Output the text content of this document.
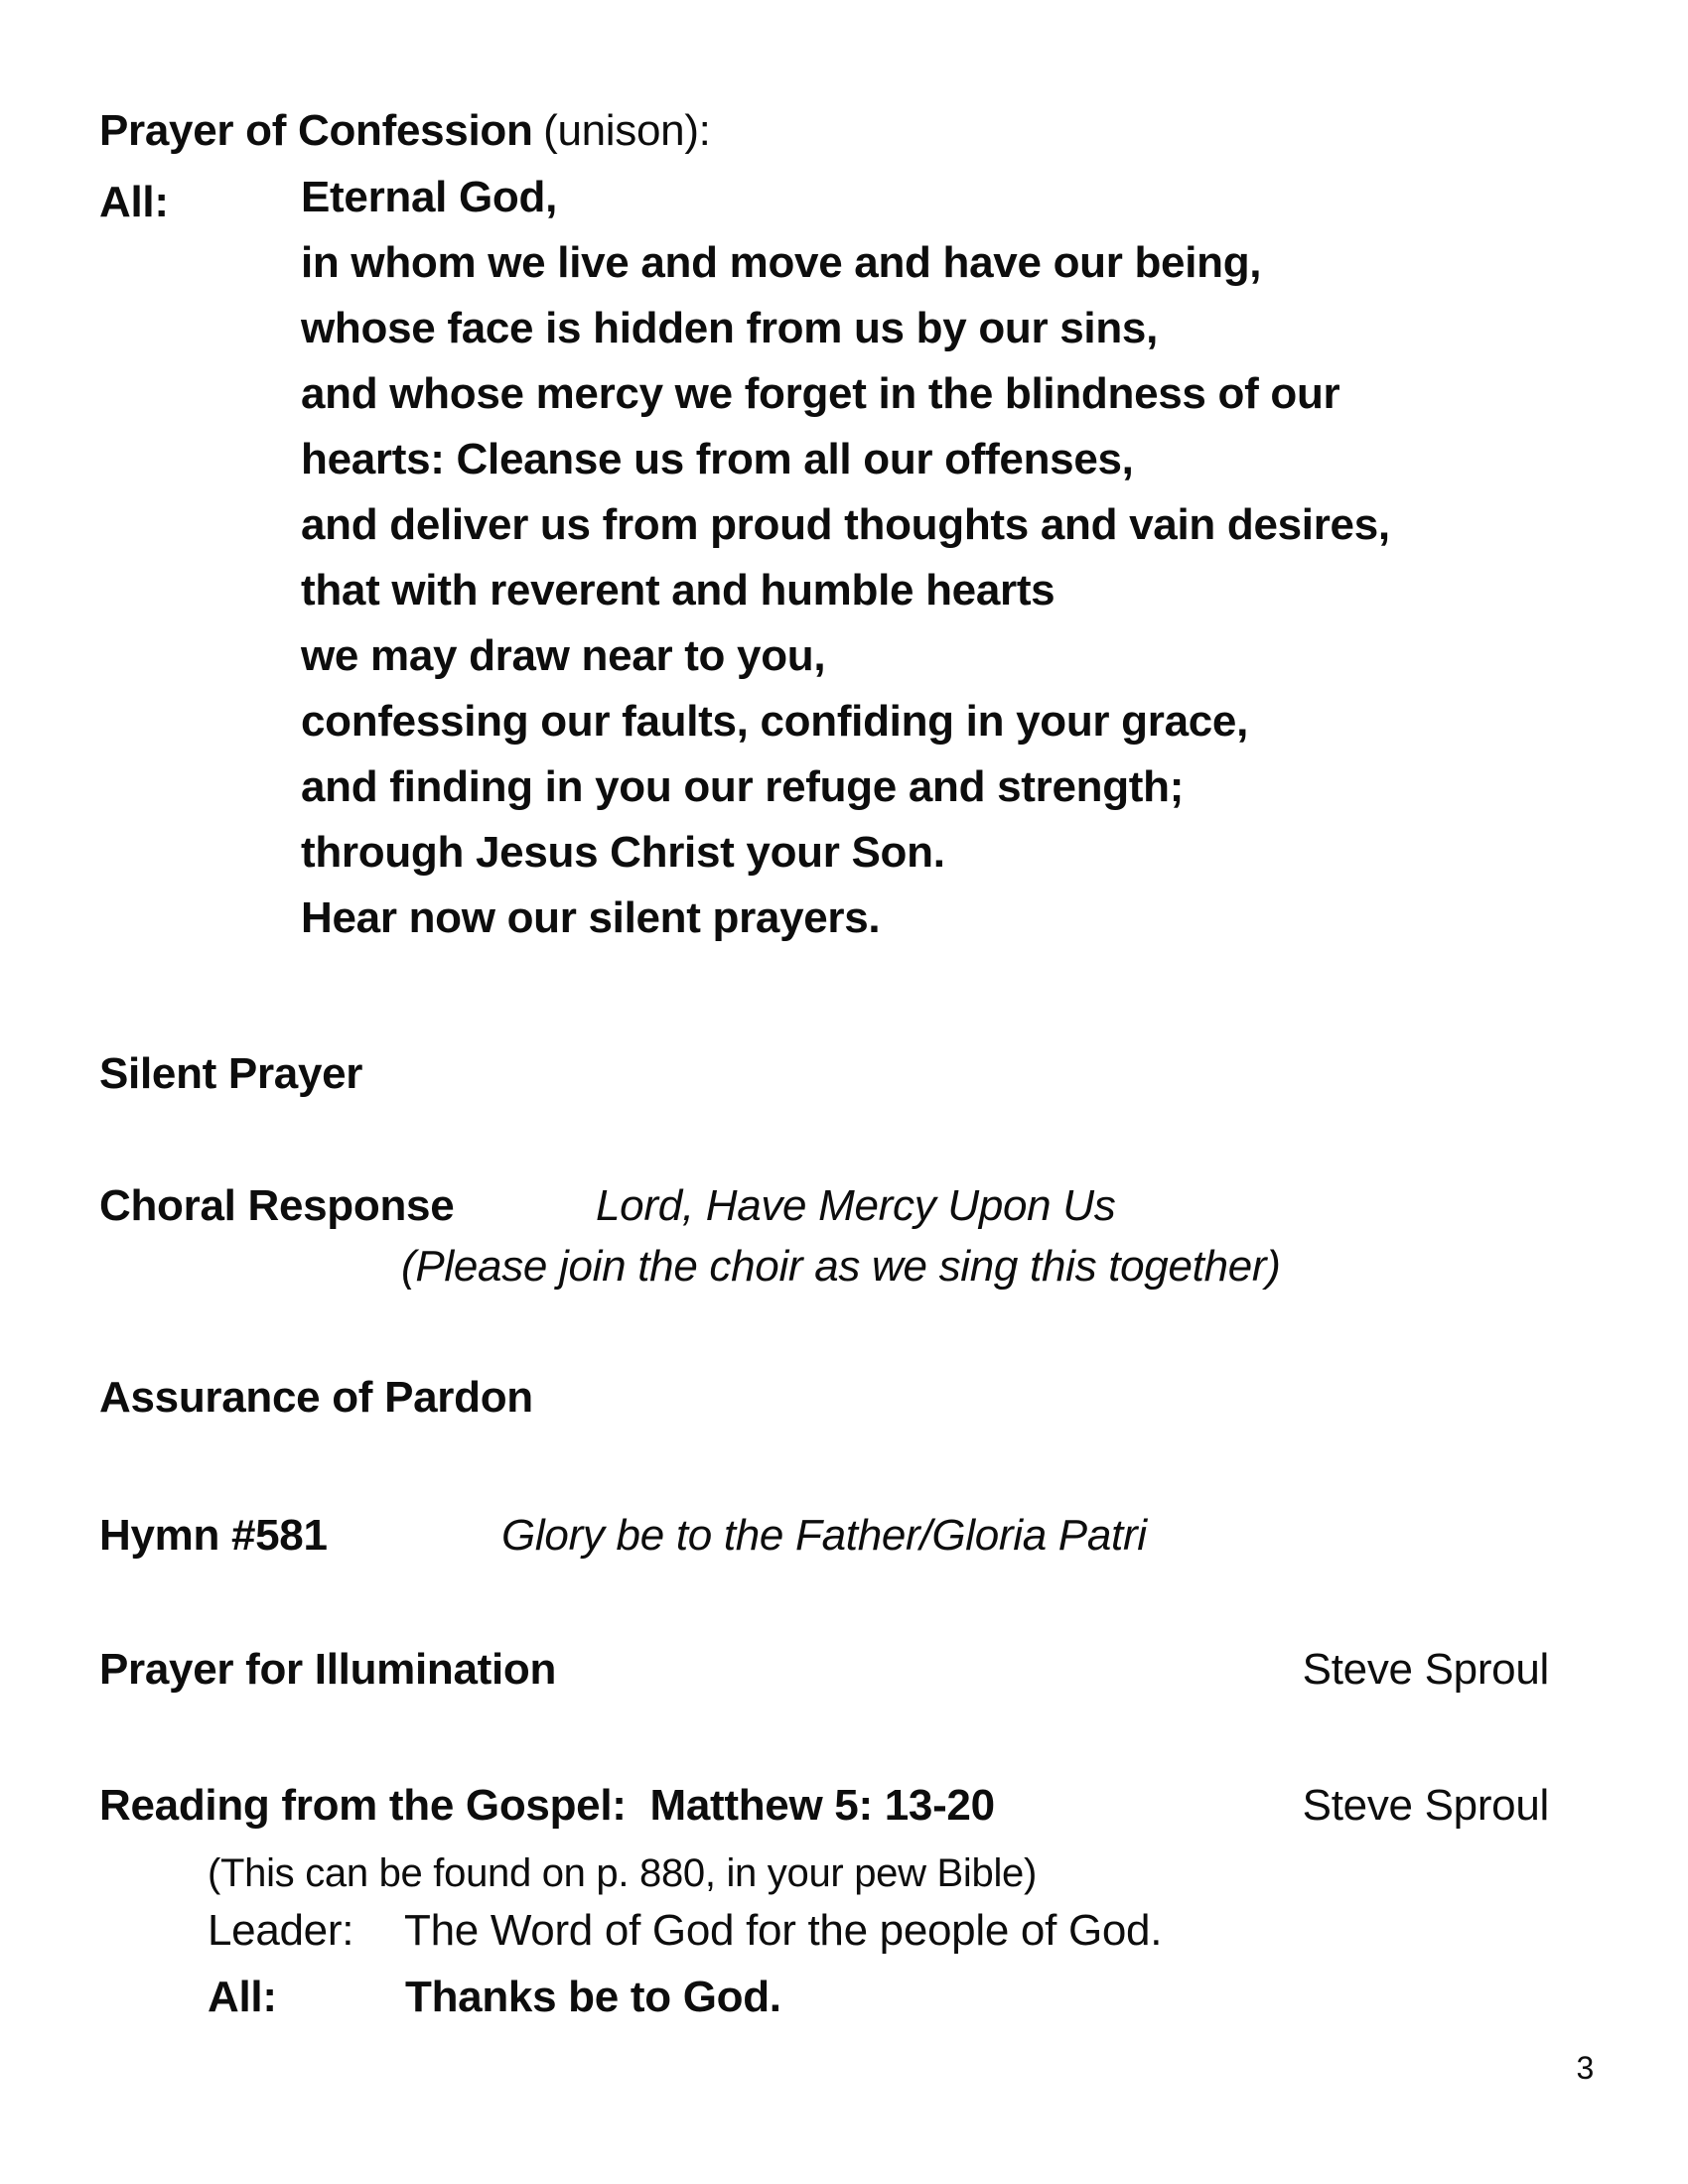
Prayer of Confession (unison):
All:	Eternal God,
in whom we live and move and have our being,
whose face is hidden from us by our sins,
and whose mercy we forget in the blindness of our
hearts: Cleanse us from all our offenses,
and deliver us from proud thoughts and vain desires,
that with reverent and humble hearts
we may draw near to you,
confessing our faults, confiding in your grace,
and finding in you our refuge and strength;
through Jesus Christ your Son.
Hear now our silent prayers.
Silent Prayer
Choral Response	Lord, Have Mercy Upon Us
(Please join the choir as we sing this together)
Assurance of Pardon
Hymn #581	Glory be to the Father/Gloria Patri
Prayer for Illumination	Steve Sproul
Reading from the Gospel:  Matthew 5: 13-20	Steve Sproul
(This can be found on p. 880, in your pew Bible)
Leader: The Word of God for the people of God.
All:	Thanks be to God.
3
